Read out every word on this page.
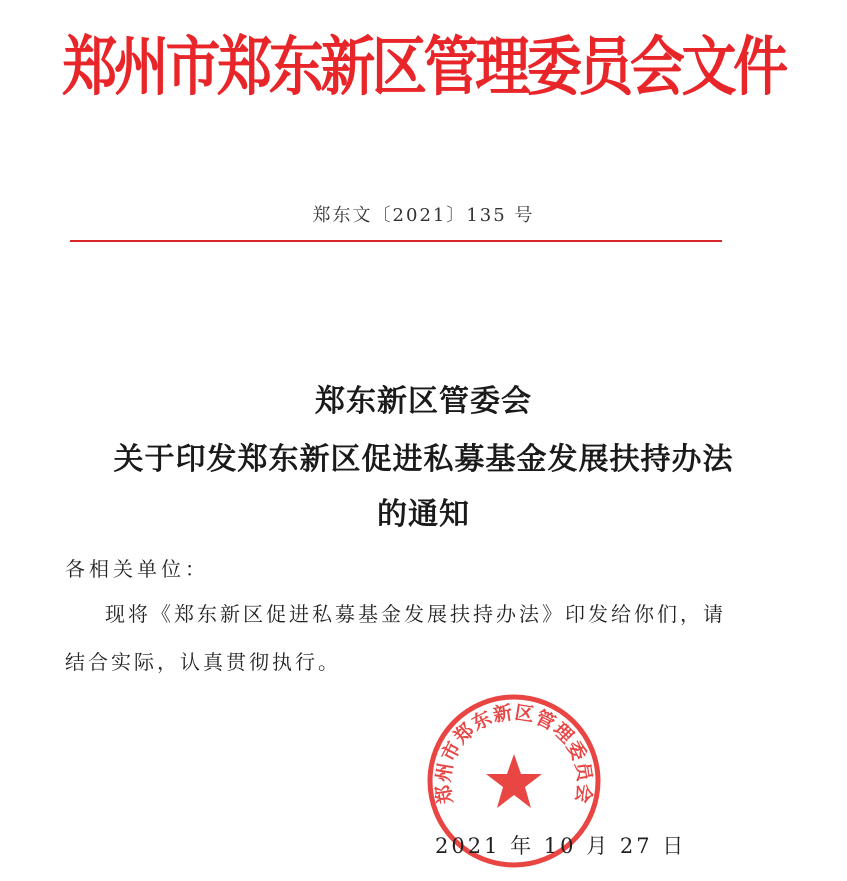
郑州市郑东新区管理委员会文件
郑东文〔2021〕135 号
郑东新区管委会
关于印发郑东新区促进私募基金发展扶持办法
的通知
各相关单位：
现将《郑东新区促进私募基金发展扶持办法》印发给你们，请
结合实际，认真贯彻执行。
郑州市郑东新区管理委员会
2021 年 10 月 27 日
